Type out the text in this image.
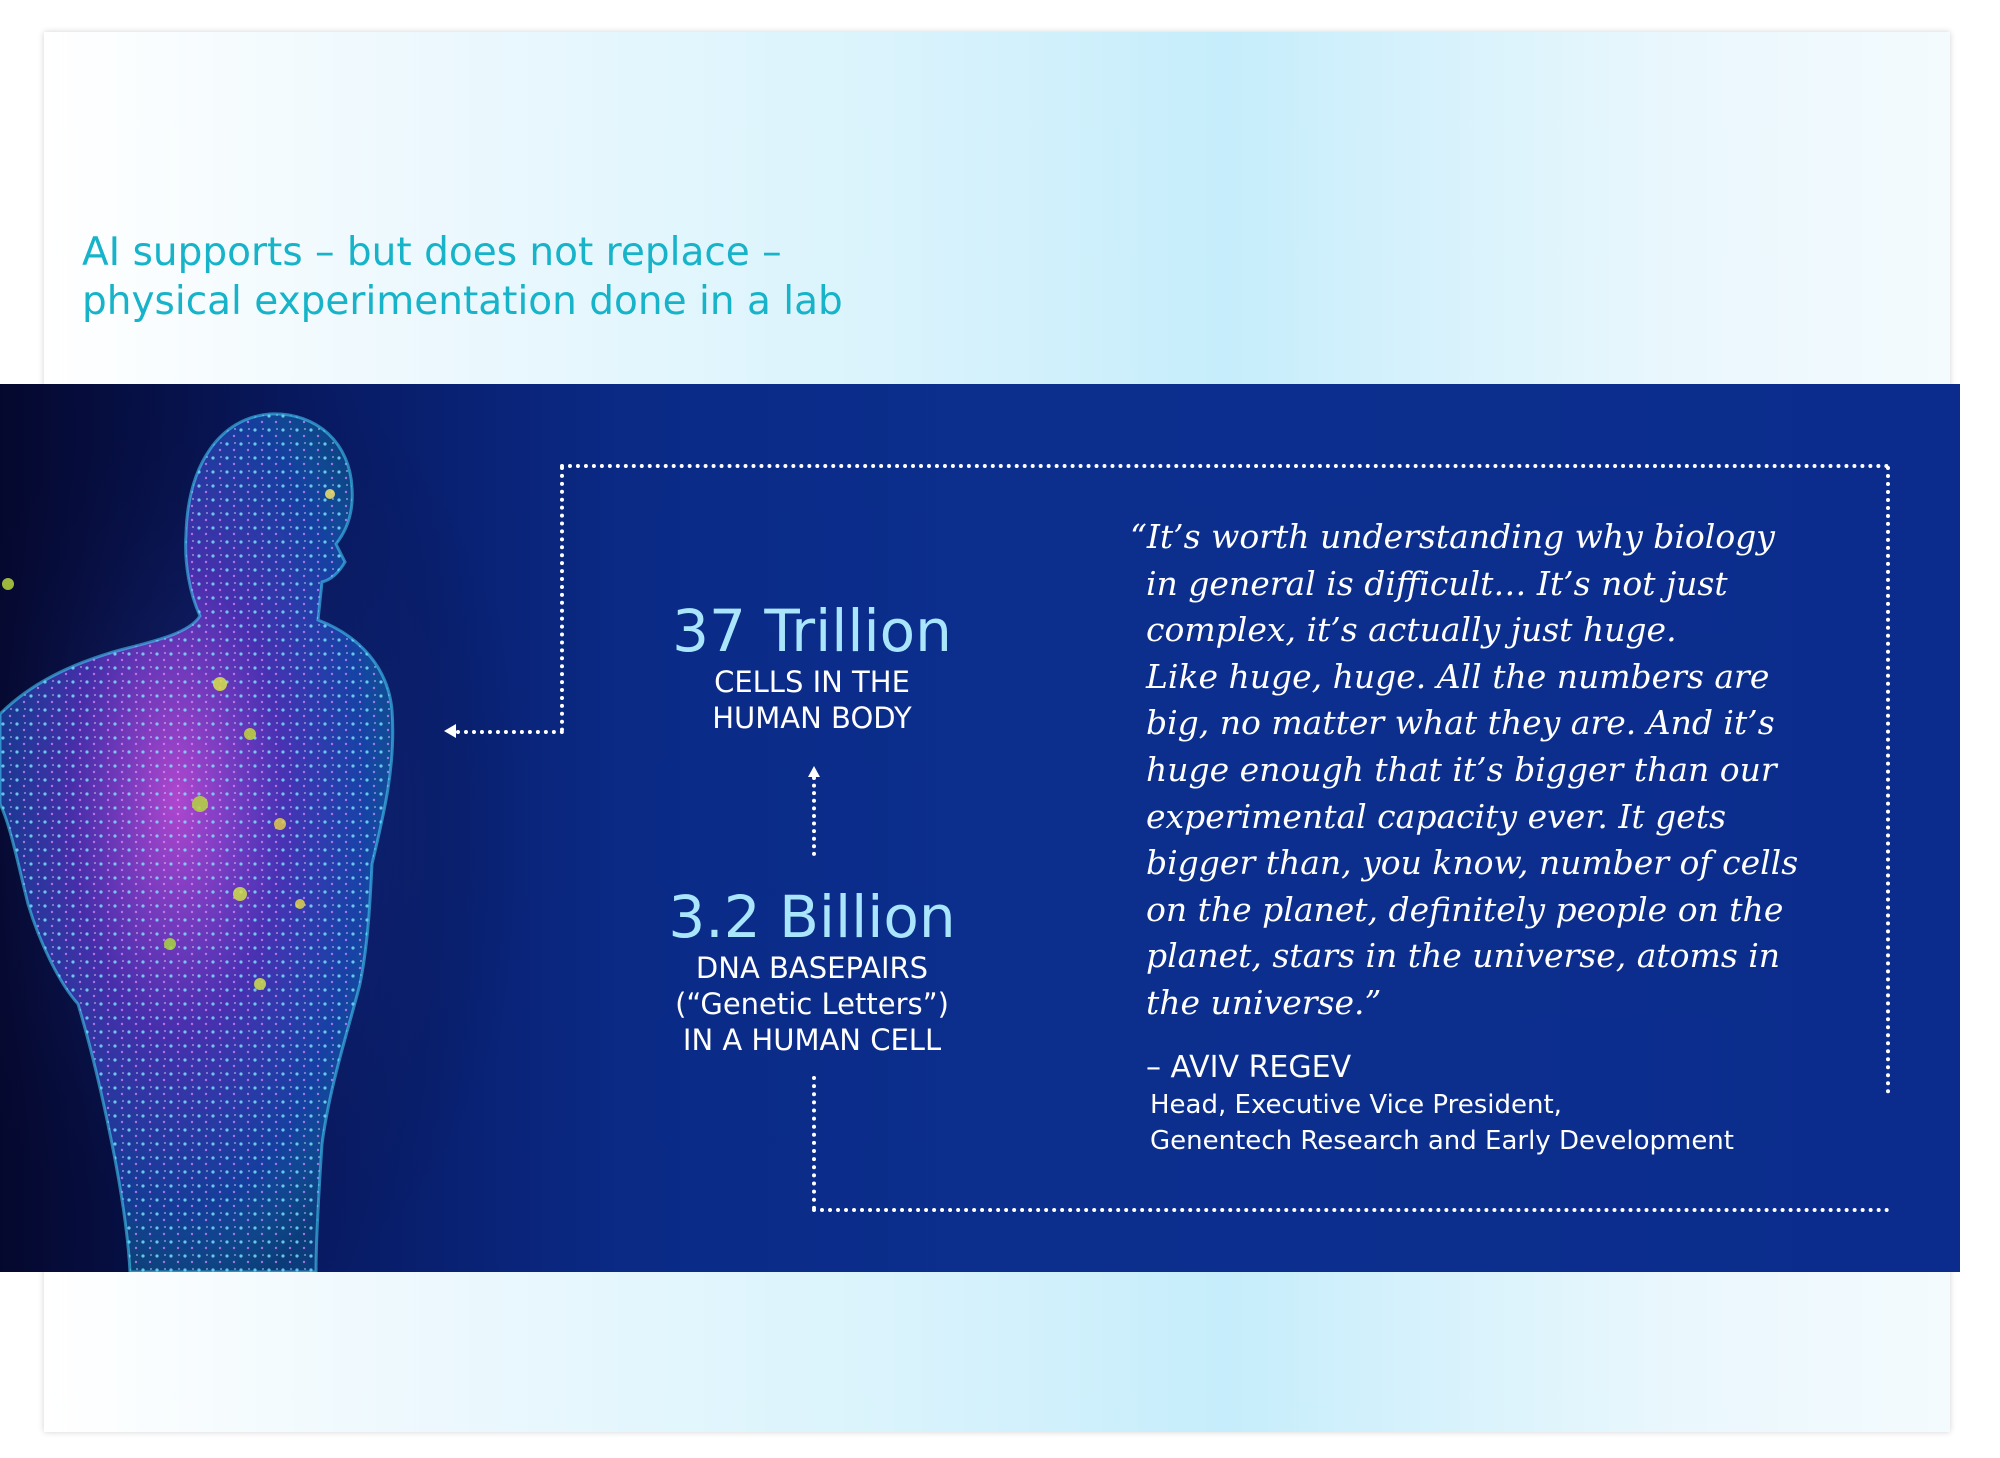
AI supports – but does not replace –
physical experimentation done in a lab
37 Trillion
CELLS IN THE
HUMAN BODY
3.2 Billion
DNA BASEPAIRS
(“Genetic Letters”)
IN A HUMAN CELL

“It’s worth understanding why biology
in general is difficult… It’s not just
complex, it’s actually just huge.
Like huge, huge. All the numbers are
big, no matter what they are. And it’s
huge enough that it’s bigger than our
experimental capacity ever. It gets
bigger than, you know, number of cells
on the planet, definitely people on the
planet, stars in the universe, atoms in
the universe.”

– AVIV REGEV
Head, Executive Vice President,
Genentech Research and Early Development
